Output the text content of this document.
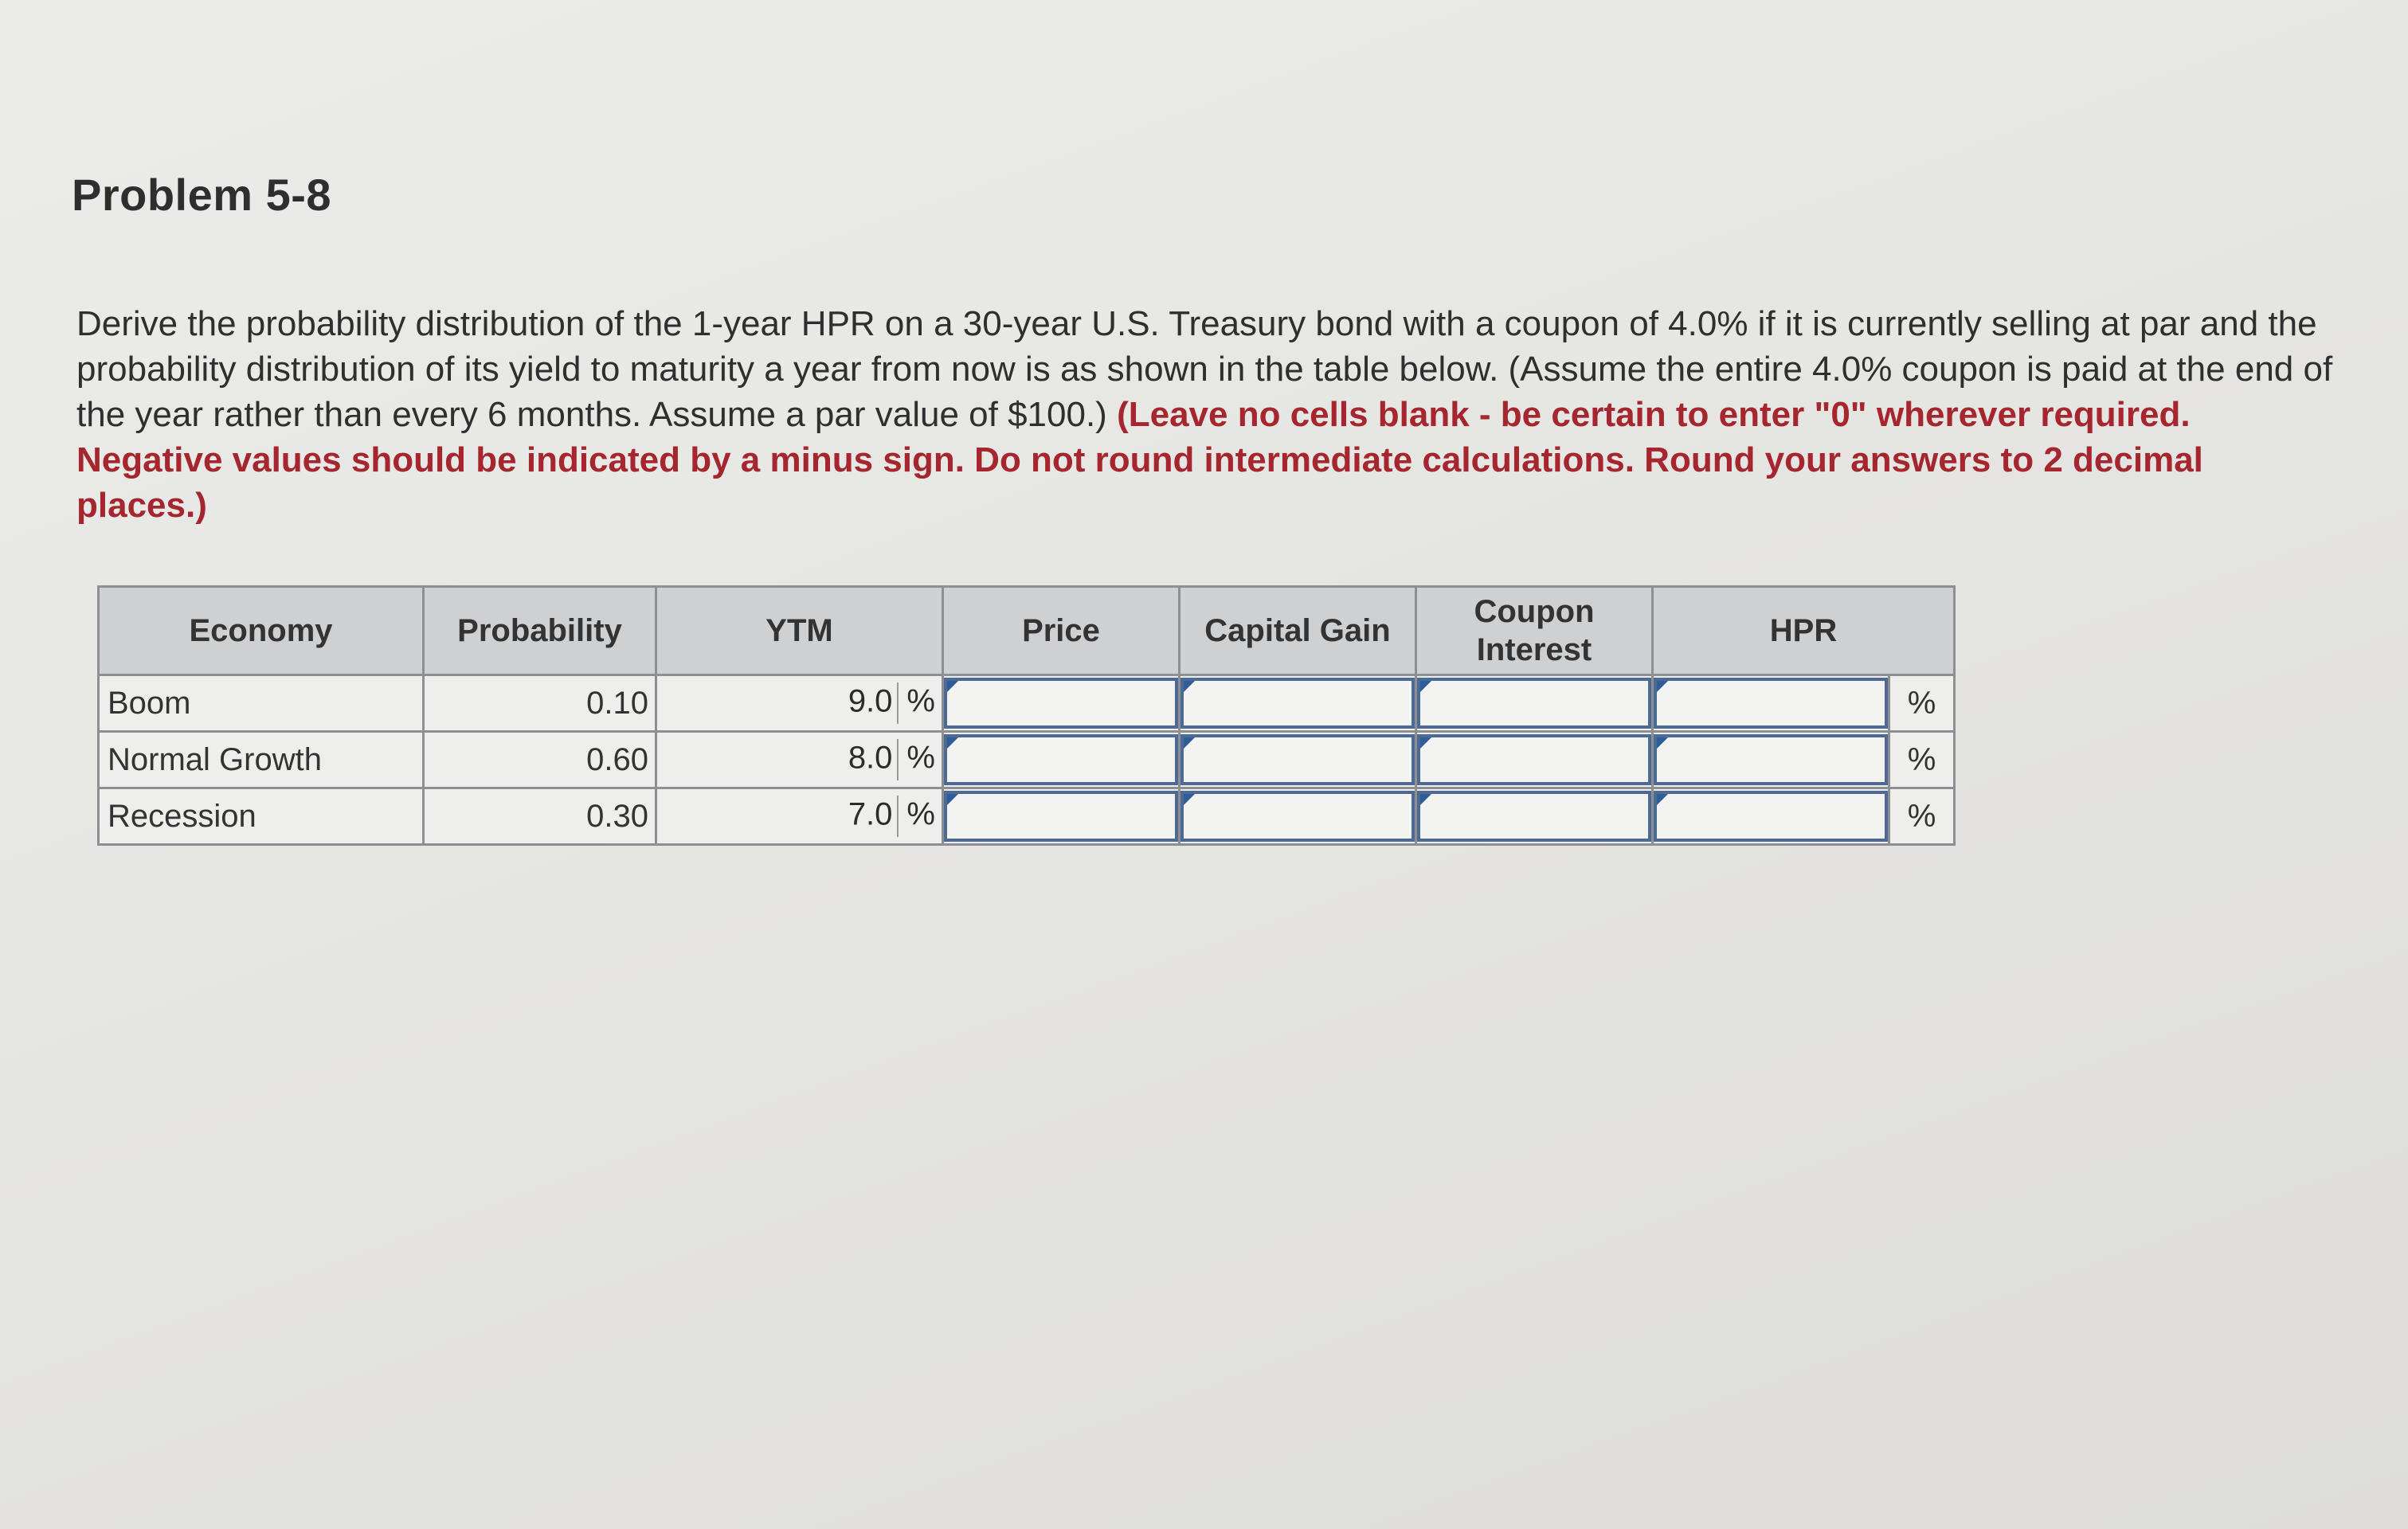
Problem 5-8
Derive the probability distribution of the 1-year HPR on a 30-year U.S. Treasury bond with a coupon of 4.0% if it is currently selling at par and the probability distribution of its yield to maturity a year from now is as shown in the table below. (Assume the entire 4.0% coupon is paid at the end of the year rather than every 6 months. Assume a par value of $100.) (Leave no cells blank - be certain to enter "0" wherever required. Negative values should be indicated by a minus sign. Do not round intermediate calculations. Round your answers to 2 decimal places.)
Economy	Probability	YTM	Price	Capital Gain	Coupon Interest	HPR	
Boom	0.10	9.0 %					%
Normal Growth	0.60	8.0 %					%
Recession	0.30	7.0 %					%
